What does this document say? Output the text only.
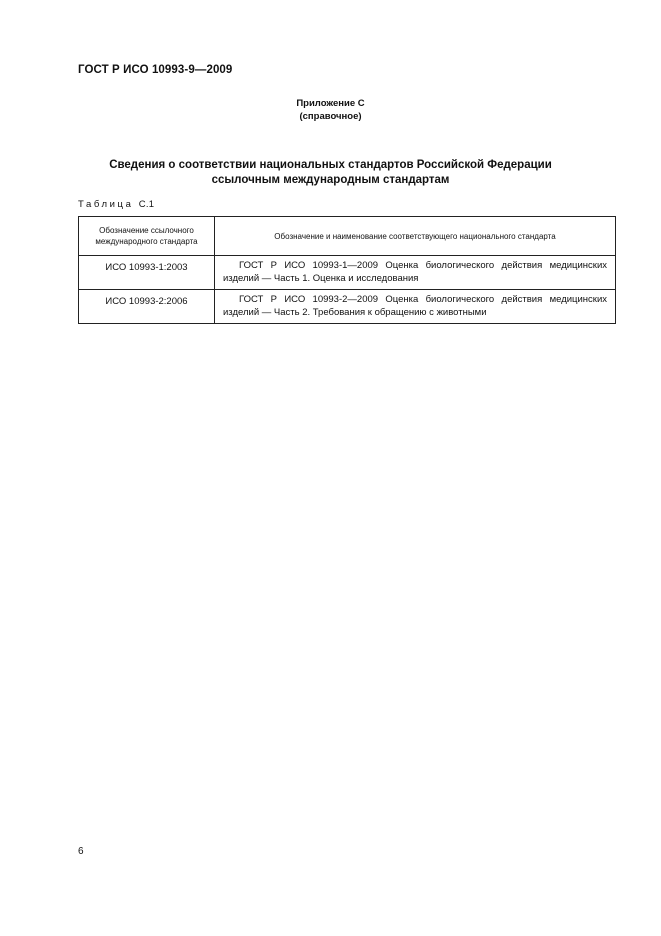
ГОСТ Р ИСО 10993-9—2009
Приложение С
(справочное)
Сведения о соответствии национальных стандартов Российской Федерации
ссылочным международным стандартам
Таблица С.1
Обозначение ссылочного
международного стандарта	Обозначение и наименование соответствующего национального стандарта
ИСО 10993-1:2003	ГОСТ Р ИСО 10993-1—2009 Оценка биологического действия медицинских изделий — Часть 1. Оценка и исследования

ИСО 10993-2:2006	ГОСТ Р ИСО 10993-2—2009 Оценка биологического действия медицинских изделий — Часть 2. Требования к обращению с животными
6
